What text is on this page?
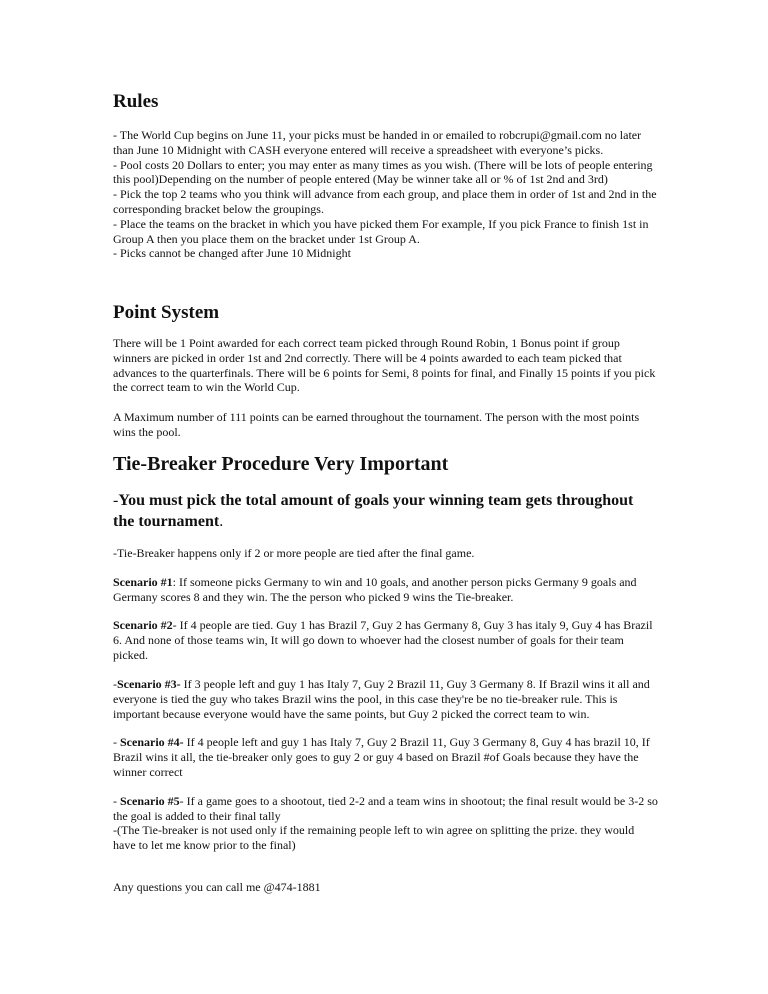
Rules
- The World Cup begins on June 11, your picks must be handed in or emailed to robcrupi@gmail.com no later than June 10 Midnight with CASH everyone entered will receive a spreadsheet with everyone’s picks.
- Pool costs 20 Dollars to enter; you may enter as many times as you wish. (There will be lots of people entering this pool)Depending on the number of people entered (May be winner take all or % of 1st 2nd and 3rd)
- Pick the top 2 teams who you think will advance from each group, and place them in order of 1st and 2nd in the corresponding bracket below the groupings.
- Place the teams on the bracket in which you have picked them For example, If you pick France to finish 1st in Group A then you place them on the bracket under 1st Group A.
- Picks cannot be changed after June 10 Midnight
Point System

There will be 1 Point awarded for each correct team picked through Round Robin, 1 Bonus point if group winners are picked in order 1st and 2nd correctly. There will be 4 points awarded to each team picked that advances to the quarterfinals. There will be 6 points for Semi, 8 points for final, and Finally 15 points if you pick the correct team to win the World Cup.

A Maximum number of 111 points can be earned throughout the tournament. The person with the most points wins the pool.

Tie-Breaker Procedure Very Important

-You must pick the total amount of goals your winning team gets throughout the tournament.

-Tie-Breaker happens only if 2 or more people are tied after the final game.

Scenario #1: If someone picks Germany to win and 10 goals, and another person picks Germany 9 goals and Germany scores 8 and they win. The the person who picked 9 wins the Tie-breaker.

Scenario #2- If 4 people are tied. Guy 1 has Brazil 7, Guy 2 has Germany 8, Guy 3 has italy 9, Guy 4 has Brazil 6. And none of those teams win, It will go down to whoever had the closest number of goals for their team picked.

-Scenario #3- If 3 people left and guy 1 has Italy 7, Guy 2 Brazil 11, Guy 3 Germany 8. If Brazil wins it all and everyone is tied the guy who takes Brazil wins the pool, in this case they're be no tie-breaker rule. This is important because everyone would have the same points, but Guy 2 picked the correct team to win.

- Scenario #4- If 4 people left and guy 1 has Italy 7, Guy 2 Brazil 11, Guy 3 Germany 8, Guy 4 has brazil 10, If Brazil wins it all, the tie-breaker only goes to guy 2 or guy 4 based on Brazil #of Goals because they have the winner correct

- Scenario #5- If a game goes to a shootout, tied 2-2 and a team wins in shootout; the final result would be 3-2 so the goal is added to their final tally

-(The Tie-breaker is not used only if the remaining people left to win agree on splitting the prize. they would have to let me know prior to the final)

Any questions you can call me @474-1881
